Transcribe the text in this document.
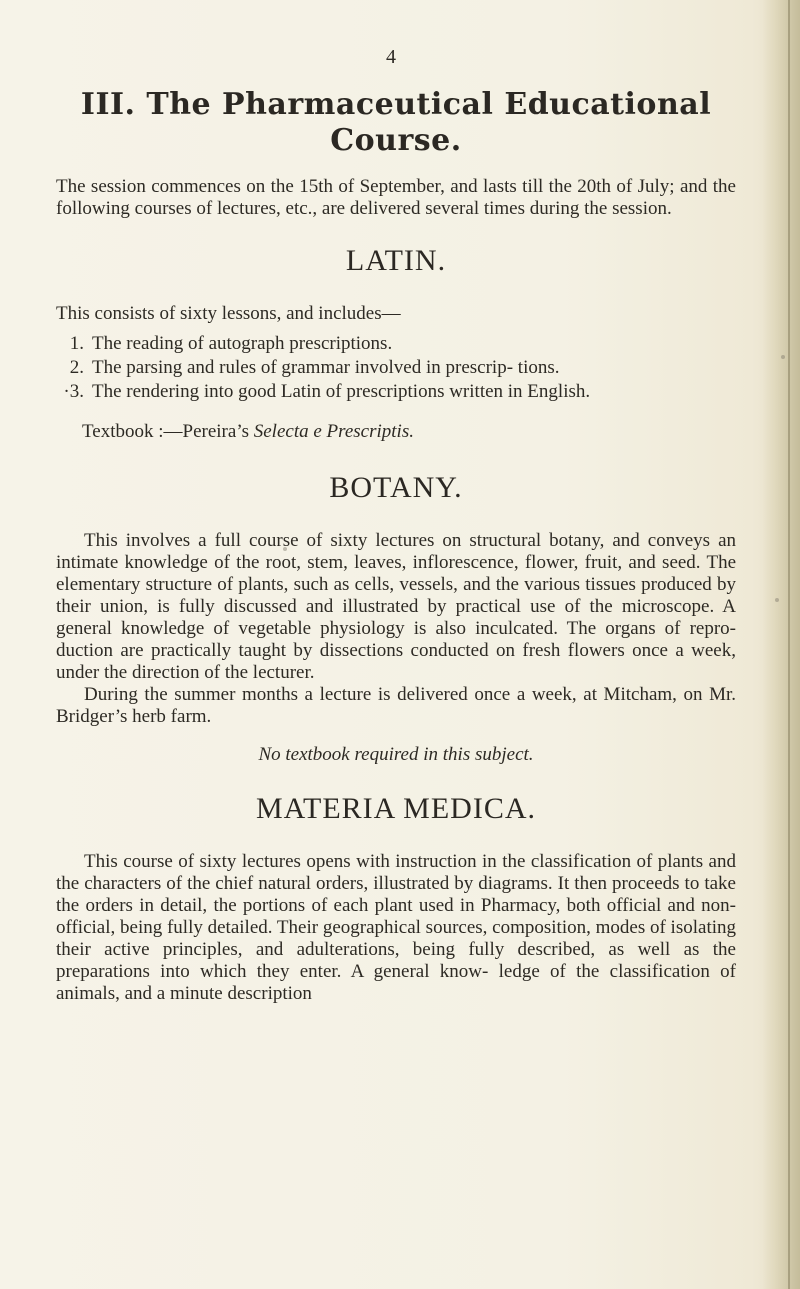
4
III. The Pharmaceutical Educational
Course.

The session commences on the 15th of September, and lasts till the 20th of July; and the following courses of lectures, etc., are delivered several times during the session.

LATIN.

This consists of sixty lessons, and includes—

1. The reading of autograph prescriptions.
2. The parsing and rules of grammar involved in prescrip- tions.
·3. The rendering into good Latin of prescriptions written in English.

Textbook :—Pereira’s Selecta e Prescriptis.

BOTANY.

This involves a full course of sixty lectures on structural botany, and conveys an intimate knowledge of the root, stem, leaves, inflorescence, flower, fruit, and seed. The elementary structure of plants, such as cells, vessels, and the various tissues produced by their union, is fully discussed and illustrated by practical use of the microscope. A general knowledge of vegetable physiology is also inculcated. The organs of repro- duction are practically taught by dissections conducted on fresh flowers once a week, under the direction of the lecturer.

During the summer months a lecture is delivered once a week, at Mitcham, on Mr. Bridger’s herb farm.

No textbook required in this subject.

MATERIA MEDICA.

This course of sixty lectures opens with instruction in the classification of plants and the characters of the chief natural orders, illustrated by diagrams. It then proceeds to take the orders in detail, the portions of each plant used in Pharmacy, both official and non-official, being fully detailed. Their geographical sources, composition, modes of isolating their active principles, and adulterations, being fully described, as well as the preparations into which they enter. A general know- ledge of the classification of animals, and a minute description
